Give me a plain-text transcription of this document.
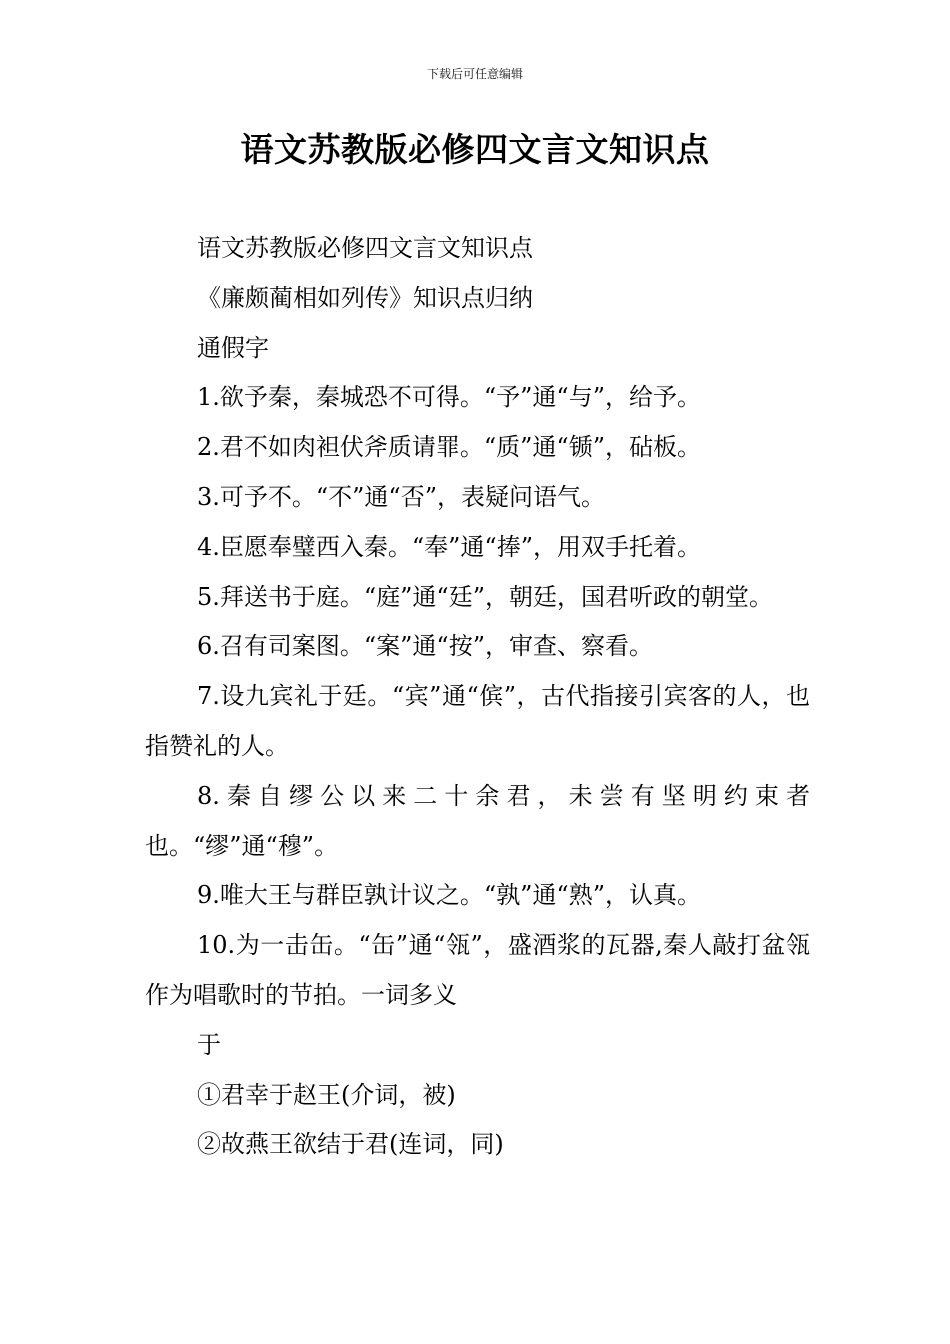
下载后可任意编辑
语文苏教版必修四文言文知识点

语文苏教版必修四文言文知识点

《廉颇蔺相如列传》知识点归纳

通假字

1.欲予秦，秦城恐不可得。“予”通“与”，给予。

2.君不如肉袒伏斧质请罪。“质”通“锧”，砧板。

3.可予不。“不”通“否”，表疑问语气。

4.臣愿奉璧西入秦。“奉”通“捧”，用双手托着。

5.拜送书于庭。“庭”通“廷”，朝廷，国君听政的朝堂。

6.召有司案图。“案”通“按”，审查、察看。

7.设九宾礼于廷。“宾”通“傧”，古代指接引宾客的人，也指赞礼的人。

8.秦自缪公以来二十余君，未尝有坚明约束者也。“缪”通“穆”。

9.唯大王与群臣孰计议之。“孰”通“熟”，认真。

10.为一击缶。“缶”通“瓴”，盛酒浆的瓦器,秦人敲打盆瓴作为唱歌时的节拍。一词多义

于

①君幸于赵王(介词，被)

②故燕王欲结于君(连词，同)
